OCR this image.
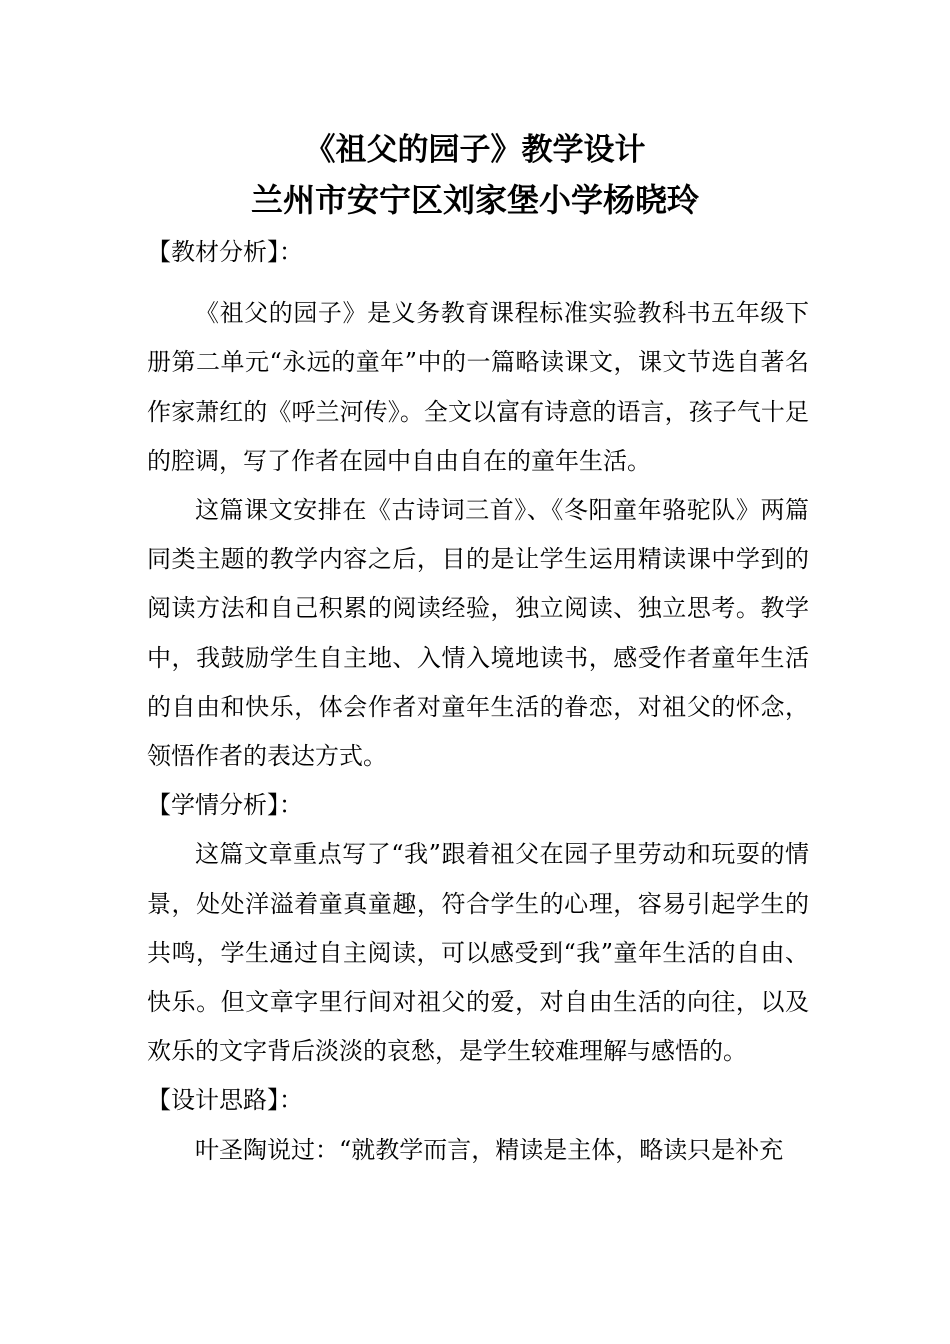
《祖父的园子》教学设计
兰州市安宁区刘家堡小学杨晓玲

【教材分析】：

《祖父的园子》是义务教育课程标准实验教科书五年级下册第二单元“永远的童年”中的一篇略读课文，课文节选自著名作家萧红的《呼兰河传》。全文以富有诗意的语言，孩子气十足的腔调，写了作者在园中自由自在的童年生活。

这篇课文安排在《古诗词三首》、《冬阳童年骆驼队》两篇同类主题的教学内容之后，目的是让学生运用精读课中学到的阅读方法和自己积累的阅读经验，独立阅读、独立思考。教学中，我鼓励学生自主地、入情入境地读书，感受作者童年生活的自由和快乐，体会作者对童年生活的眷恋，对祖父的怀念，领悟作者的表达方式。

【学情分析】：

这篇文章重点写了“我”跟着祖父在园子里劳动和玩耍的情景，处处洋溢着童真童趣，符合学生的心理，容易引起学生的共鸣，学生通过自主阅读，可以感受到“我”童年生活的自由、快乐。但文章字里行间对祖父的爱，对自由生活的向往，以及欢乐的文字背后淡淡的哀愁，是学生较难理解与感悟的。

【设计思路】：

叶圣陶说过：“就教学而言，精读是主体，略读只是补充
